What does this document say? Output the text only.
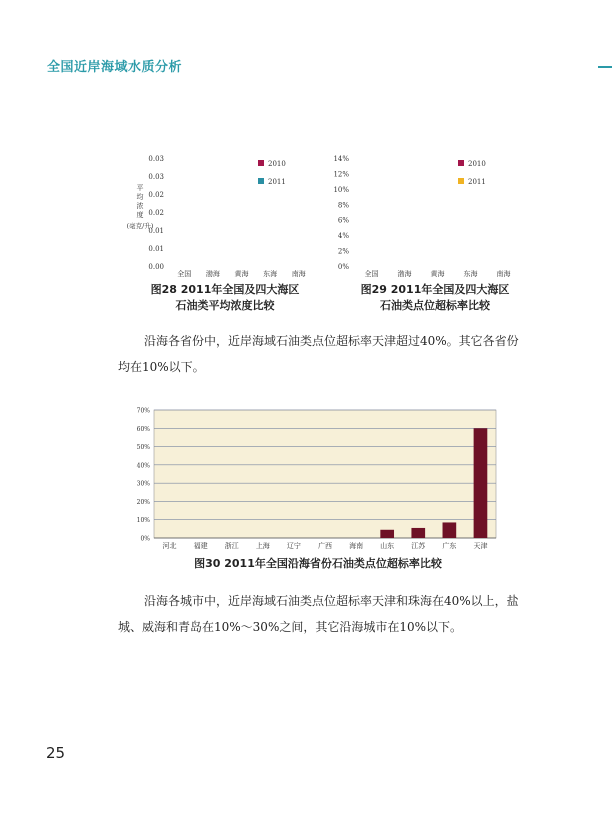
全国近岸海域水质分析
0.00
0.01
0.01
0.02
0.02
0.03
0.03
全国 渤海 黄海 东海 南海
2010
2011
平
均
浓
度
(毫克/升)
图28 2011年全国及四大海区
石油类平均浓度比较
0%
2%
4%
6%
8%
10%
12%
14%
全国	渤海	黄海	东海	南海
2010
2011
图29 2011年全国及四大海区
石油类点位超标率比较
沿海各省份中，近岸海域石油类点位超标率天津超过40%。其它各省份均在10%以下。
0%
10%
20%
30%
40%
50%
60%
70%
河北 福建 浙江 上海 辽宁 广西 海南 山东 江苏 广东 天津
图30 2011年全国沿海省份石油类点位超标率比较
沿海各城市中，近岸海域石油类点位超标率天津和珠海在40%以上，盐城、威海和青岛在10%～30%之间，其它沿海城市在10%以下。
25
